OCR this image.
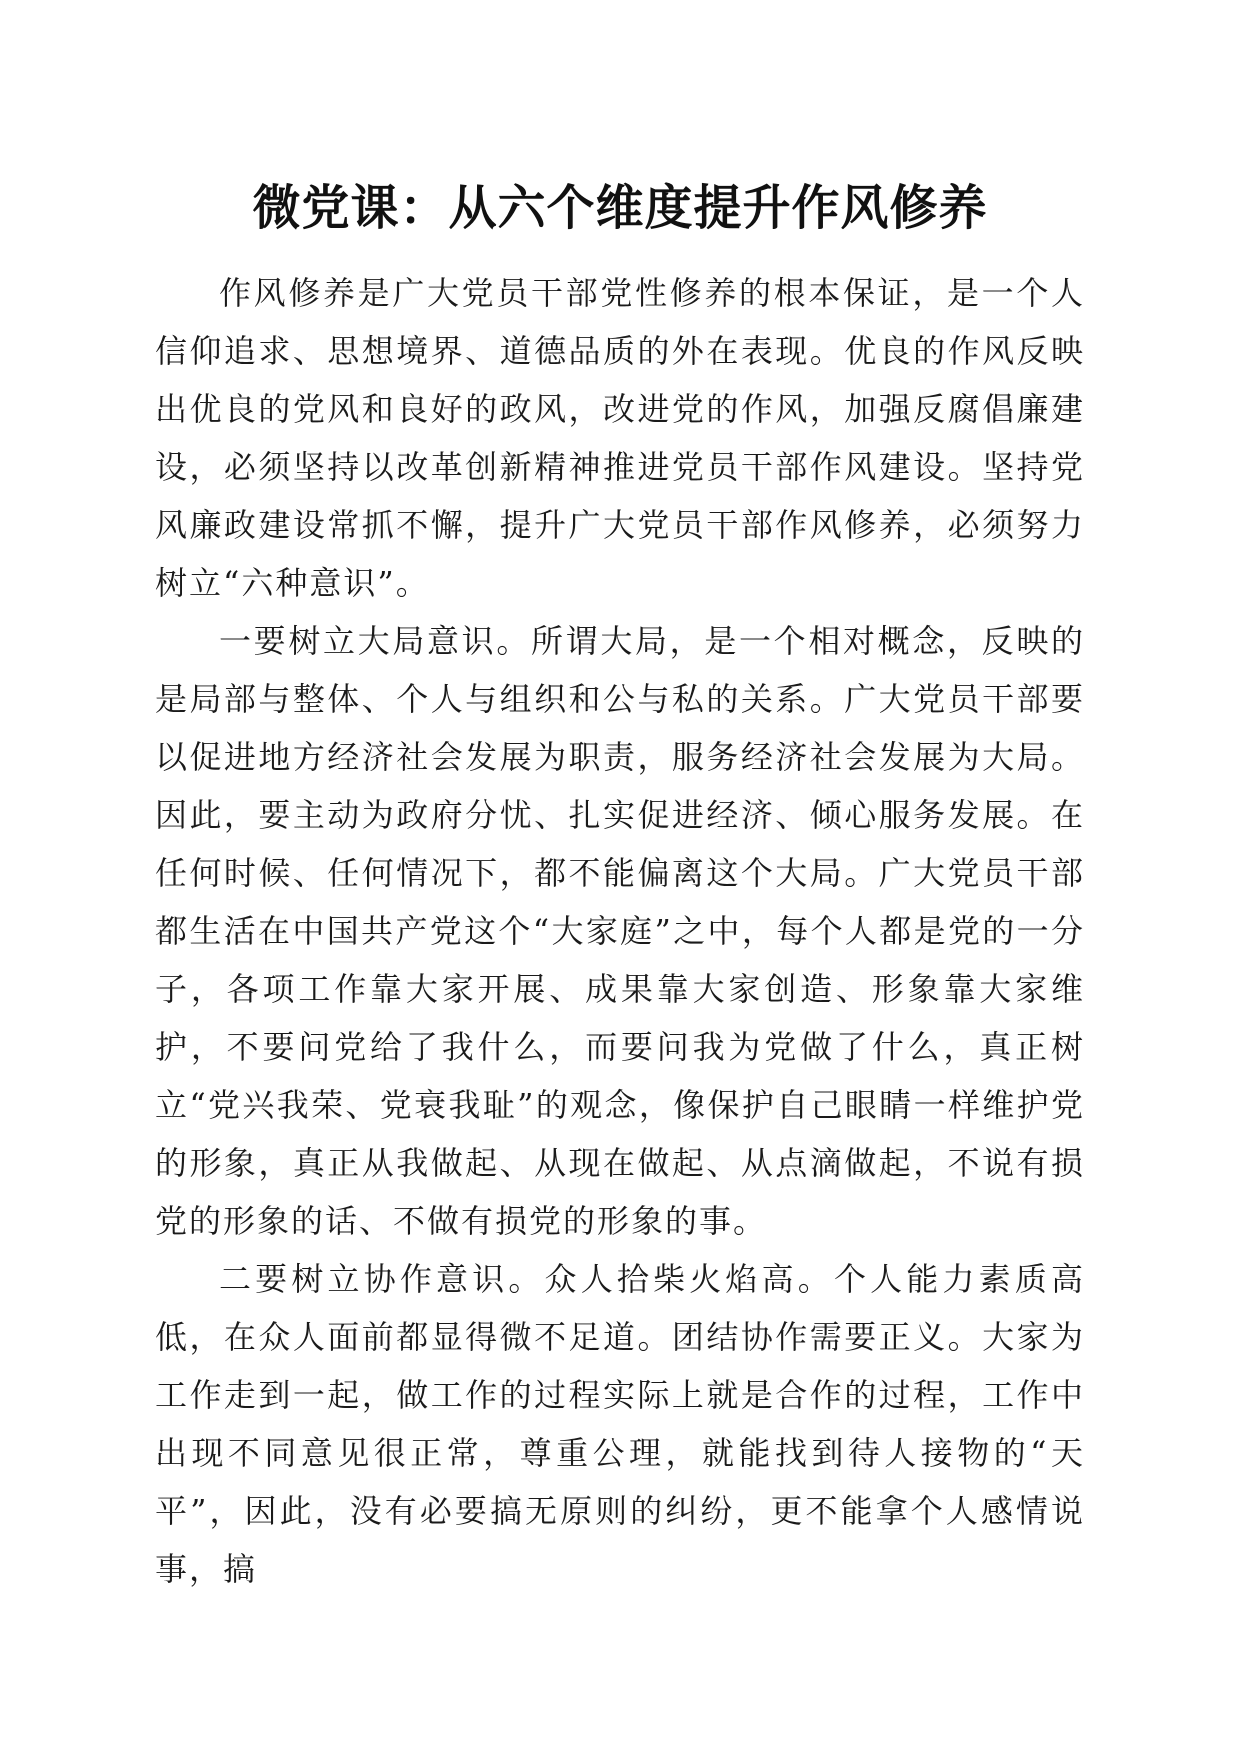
微党课：从六个维度提升作风修养

作风修养是广大党员干部党性修养的根本保证，是一个人信仰追求、思想境界、道德品质的外在表现。优良的作风反映出优良的党风和良好的政风，改进党的作风，加强反腐倡廉建设，必须坚持以改革创新精神推进党员干部作风建设。坚持党风廉政建设常抓不懈，提升广大党员干部作风修养，必须努力树立“六种意识”。

一要树立大局意识。所谓大局，是一个相对概念，反映的是局部与整体、个人与组织和公与私的关系。广大党员干部要以促进地方经济社会发展为职责，服务经济社会发展为大局。因此，要主动为政府分忧、扎实促进经济、倾心服务发展。在任何时候、任何情况下，都不能偏离这个大局。广大党员干部都生活在中国共产党这个“大家庭”之中，每个人都是党的一分子，各项工作靠大家开展、成果靠大家创造、形象靠大家维护，不要问党给了我什么，而要问我为党做了什么，真正树立“党兴我荣、党衰我耻”的观念，像保护自己眼睛一样维护党的形象，真正从我做起、从现在做起、从点滴做起，不说有损党的形象的话、不做有损党的形象的事。

二要树立协作意识。众人拾柴火焰高。个人能力素质高低，在众人面前都显得微不足道。团结协作需要正义。大家为工作走到一起，做工作的过程实际上就是合作的过程，工作中出现不同意见很正常，尊重公理，就能找到待人接物的“天平”，因此，没有必要搞无原则的纠纷，更不能拿个人感情说事，搞
